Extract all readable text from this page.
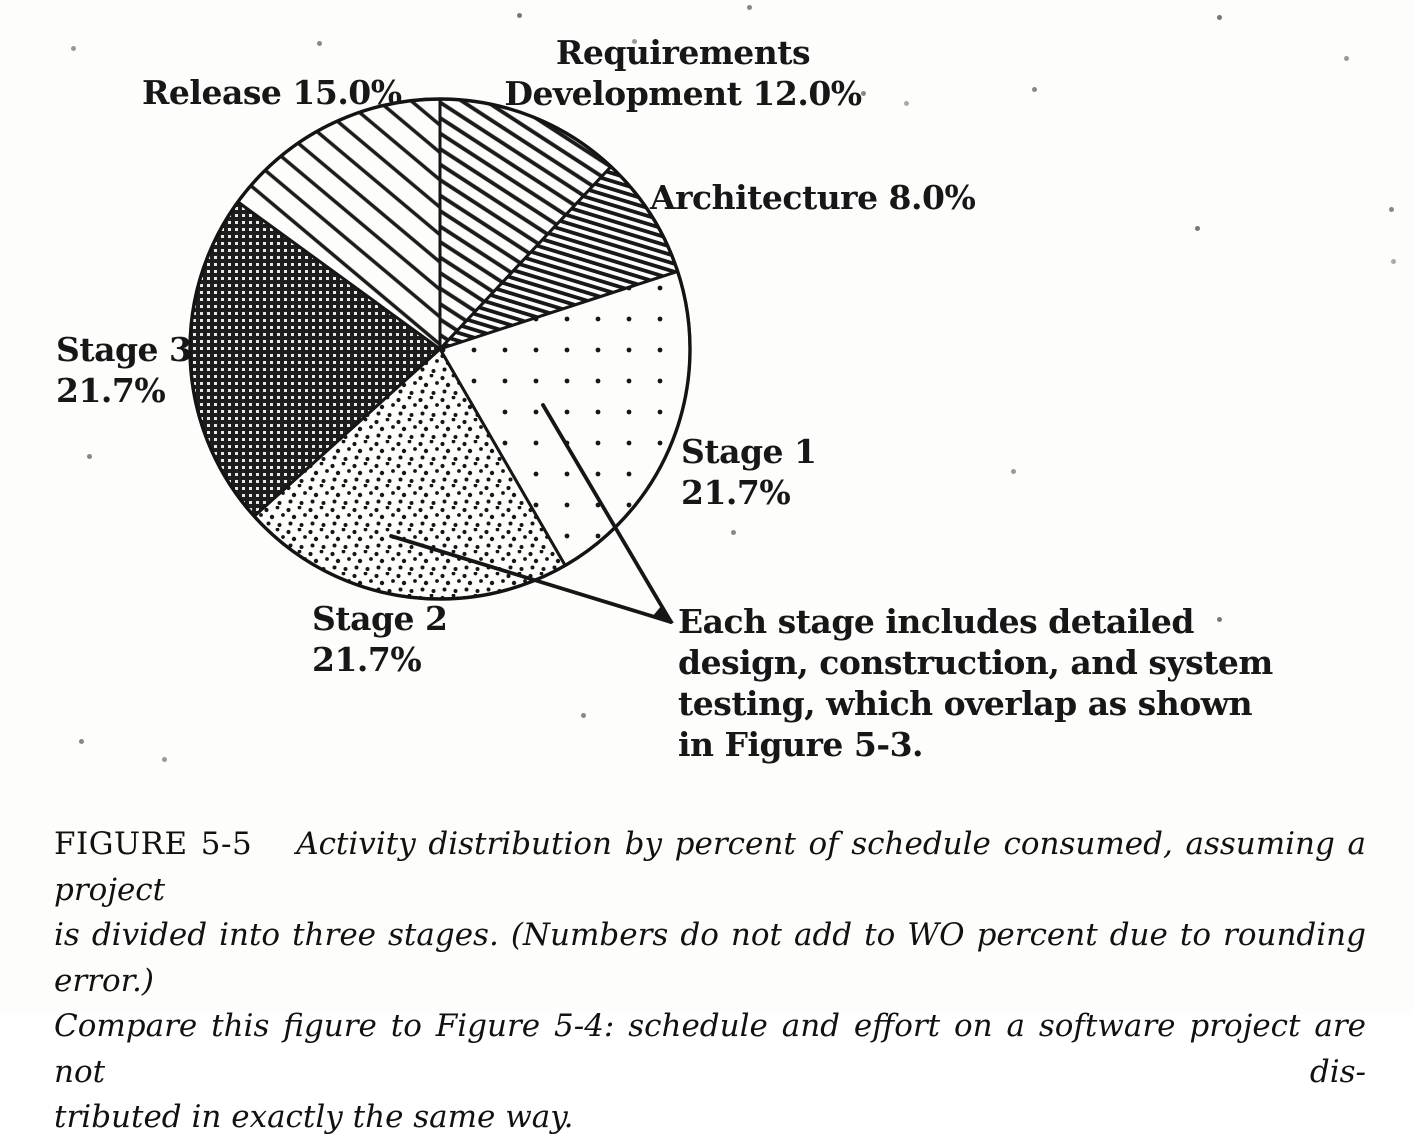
Requirements Development 12.0%
Release 15.0%
Architecture 8.0%
Stage 3
21.7%
Stage 1
21.7%
Stage 2
21.7%
Each stage includes detailed
design, construction, and system
testing, which overlap as shown
in Figure 5-3.
FIGURE 5-5 Activity distribution by percent of schedule consumed, assuming a project
is divided into three stages. (Numbers do not add to WO percent due to rounding error.)
Compare this figure to Figure 5-4: schedule and effort on a software project are not dis-
tributed in exactly the same way.
